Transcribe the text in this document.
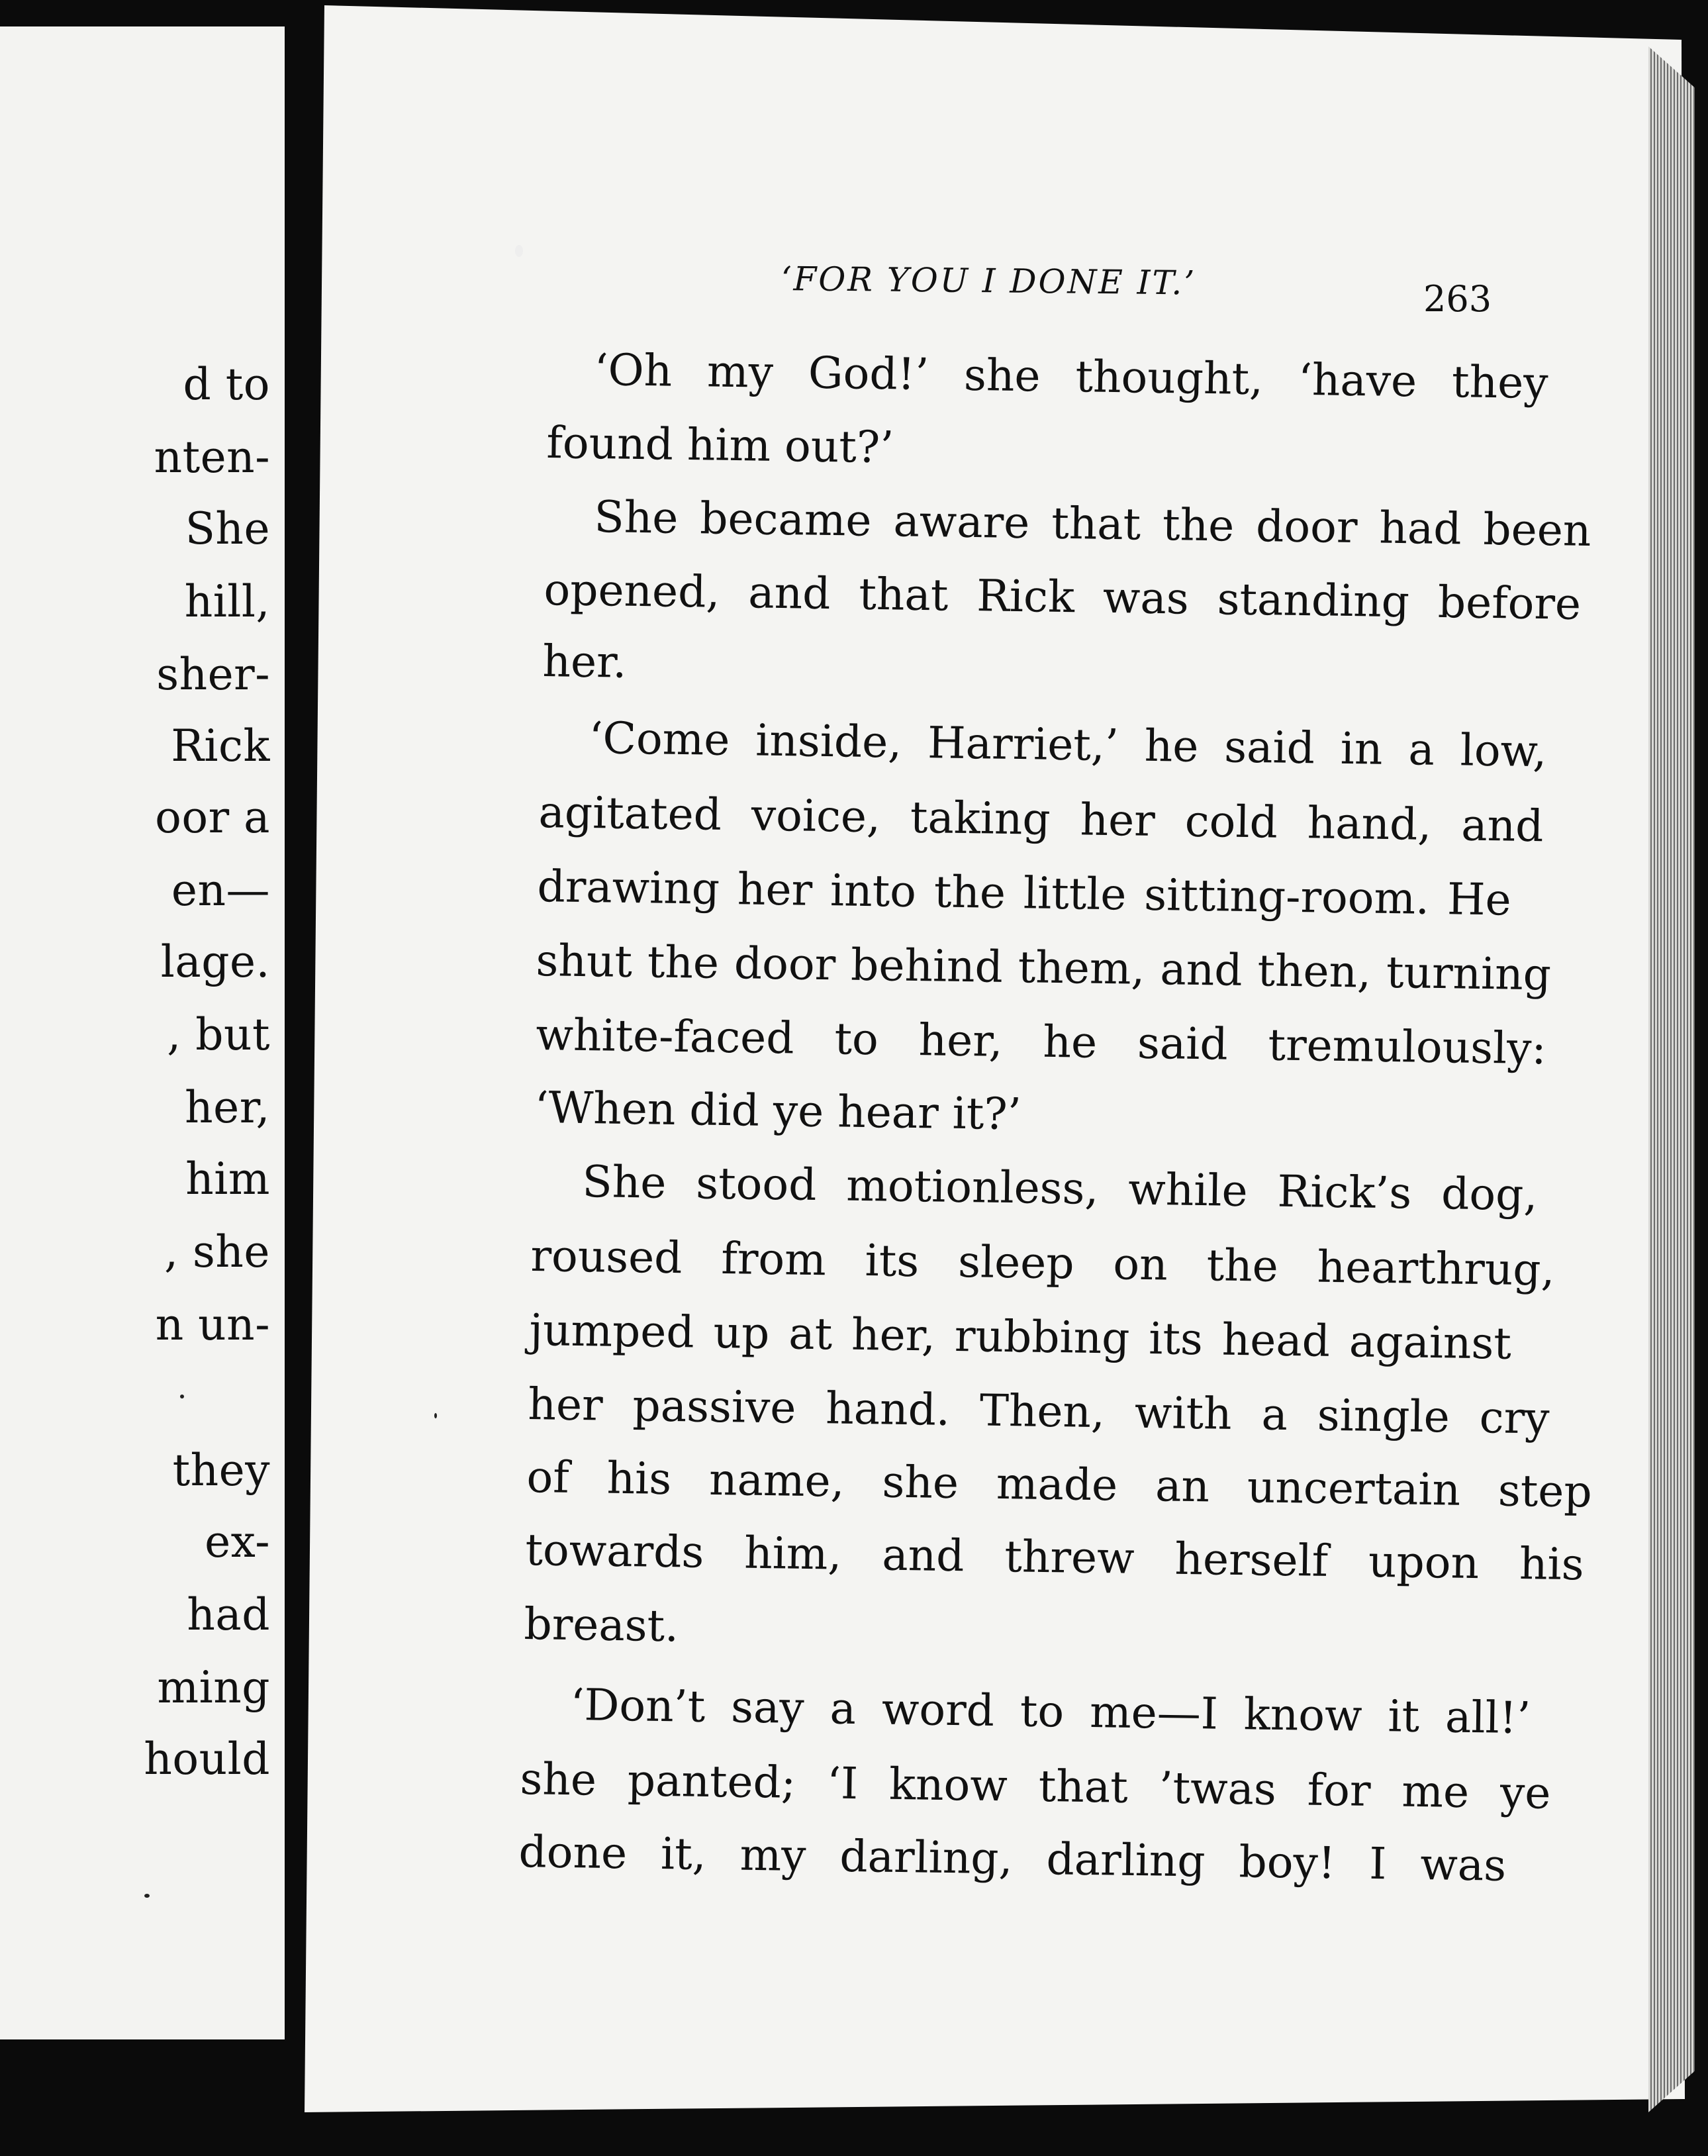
d to
nten-
She
hill,
sher-
Rick
oor a
en—
lage.
, but
her,
him
, she
n un-
they
ex-
had
ming
hould
‘FOR YOU I DONE IT.’	263
‘Oh my God!’ she thought, ‘have they
found him out?’
She became aware that the door had been
opened, and that Rick was standing before
her.
‘Come inside, Harriet,’ he said in a low,
agitated voice, taking her cold hand, and
drawing her into the little sitting-room. He
shut the door behind them, and then, turning
white-faced to her, he said tremulously:
‘When did ye hear it?’
She stood motionless, while Rick’s dog,
roused from its sleep on the hearthrug,
jumped up at her, rubbing its head against
her passive hand. Then, with a single cry
of his name, she made an uncertain step
towards him, and threw herself upon his
breast.
‘Don’t say a word to me—I know it all!’
she panted; ‘I know that ’twas for me ye
done it, my darling, darling boy! I was
